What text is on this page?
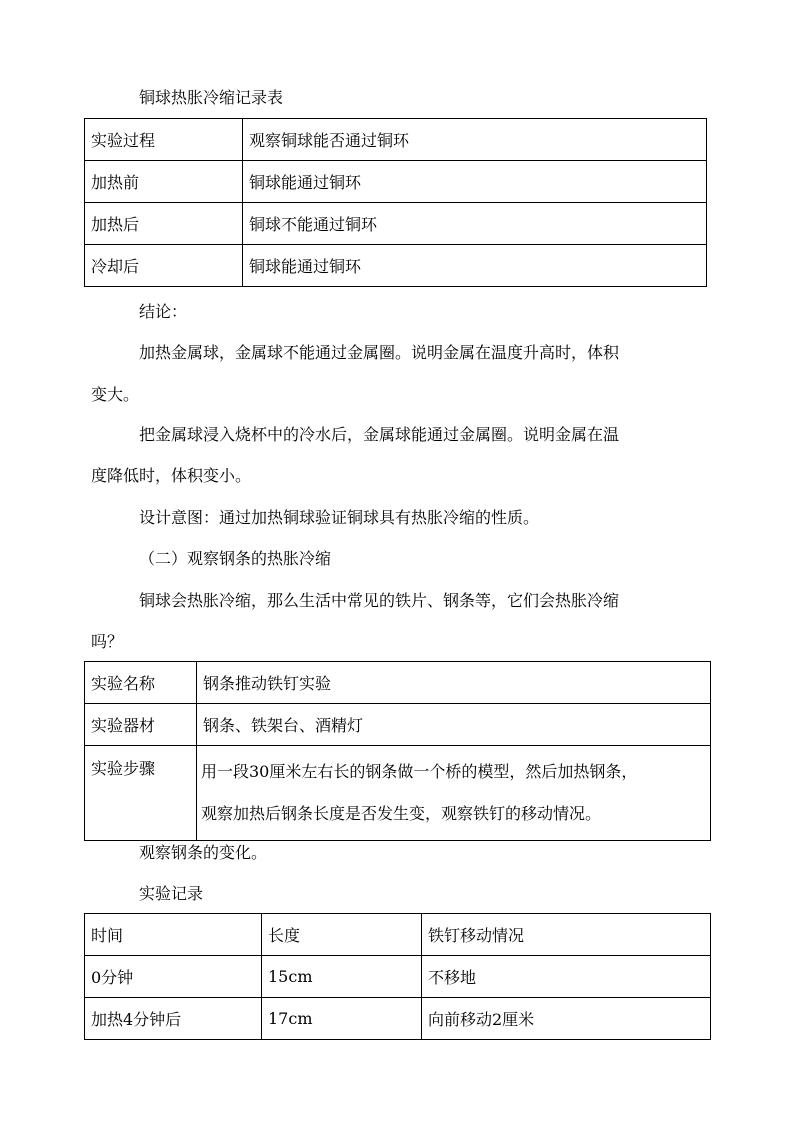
铜球热胀冷缩记录表
实验过程	观察铜球能否通过铜环
加热前	铜球能通过铜环
加热后	铜球不能通过铜环
冷却后	铜球能通过铜环
结论：
加热金属球，金属球不能通过金属圈。说明金属在温度升高时，体积
变大。
把金属球浸入烧杯中的冷水后，金属球能通过金属圈。说明金属在温
度降低时，体积变小。
设计意图：通过加热铜球验证铜球具有热胀冷缩的性质。
（二）观察钢条的热胀冷缩
铜球会热胀冷缩，那么生活中常见的铁片、钢条等，它们会热胀冷缩
吗？
实验名称	钢条推动铁钉实验
实验器材	钢条、铁架台、酒精灯
实验步骤	用一段30厘米左右长的钢条做一个桥的模型，然后加热钢条，
观察加热后钢条长度是否发生变，观察铁钉的移动情况。
观察钢条的变化。
实验记录
时间	长度	铁钉移动情况
0分钟	15cm	不移地
加热4分钟后	17cm	向前移动2厘米
